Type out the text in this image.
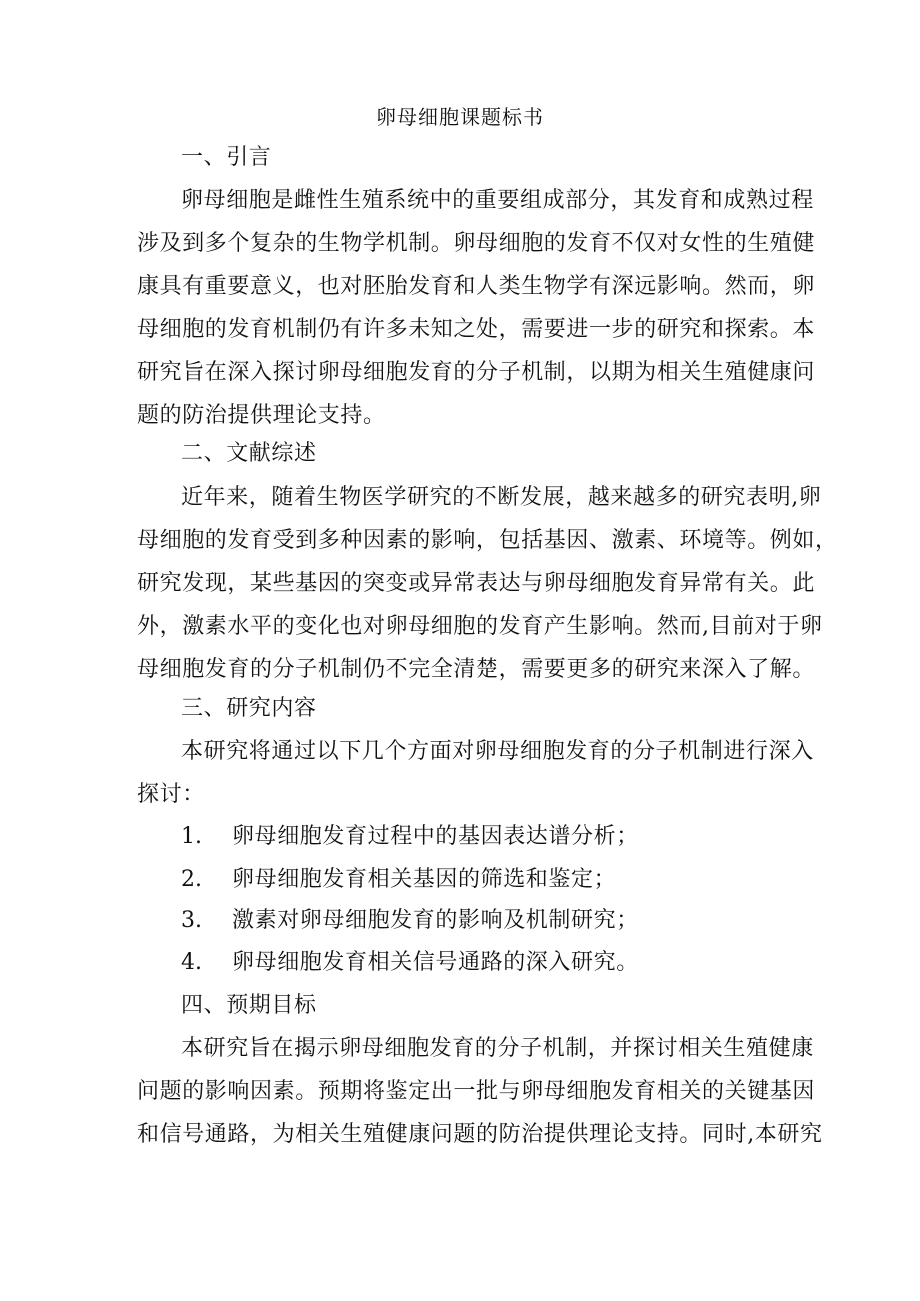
卵母细胞课题标书
一、引言
卵母细胞是雌性生殖系统中的重要组成部分，其发育和成熟过程
涉及到多个复杂的生物学机制。卵母细胞的发育不仅对女性的生殖健
康具有重要意义，也对胚胎发育和人类生物学有深远影响。然而，卵
母细胞的发育机制仍有许多未知之处，需要进一步的研究和探索。本
研究旨在深入探讨卵母细胞发育的分子机制，以期为相关生殖健康问
题的防治提供理论支持。
二、文献综述
近年来，随着生物医学研究的不断发展，越来越多的研究表明,卵
母细胞的发育受到多种因素的影响，包括基因、激素、环境等。例如，
研究发现，某些基因的突变或异常表达与卵母细胞发育异常有关。此
外，激素水平的变化也对卵母细胞的发育产生影响。然而,目前对于卵
母细胞发育的分子机制仍不完全清楚，需要更多的研究来深入了解。
三、研究内容
本研究将通过以下几个方面对卵母细胞发育的分子机制进行深入
探讨：
1. 卵母细胞发育过程中的基因表达谱分析；
2. 卵母细胞发育相关基因的筛选和鉴定；
3. 激素对卵母细胞发育的影响及机制研究；
4. 卵母细胞发育相关信号通路的深入研究。
四、预期目标
本研究旨在揭示卵母细胞发育的分子机制，并探讨相关生殖健康
问题的影响因素。预期将鉴定出一批与卵母细胞发育相关的关键基因
和信号通路，为相关生殖健康问题的防治提供理论支持。同时,本研究
